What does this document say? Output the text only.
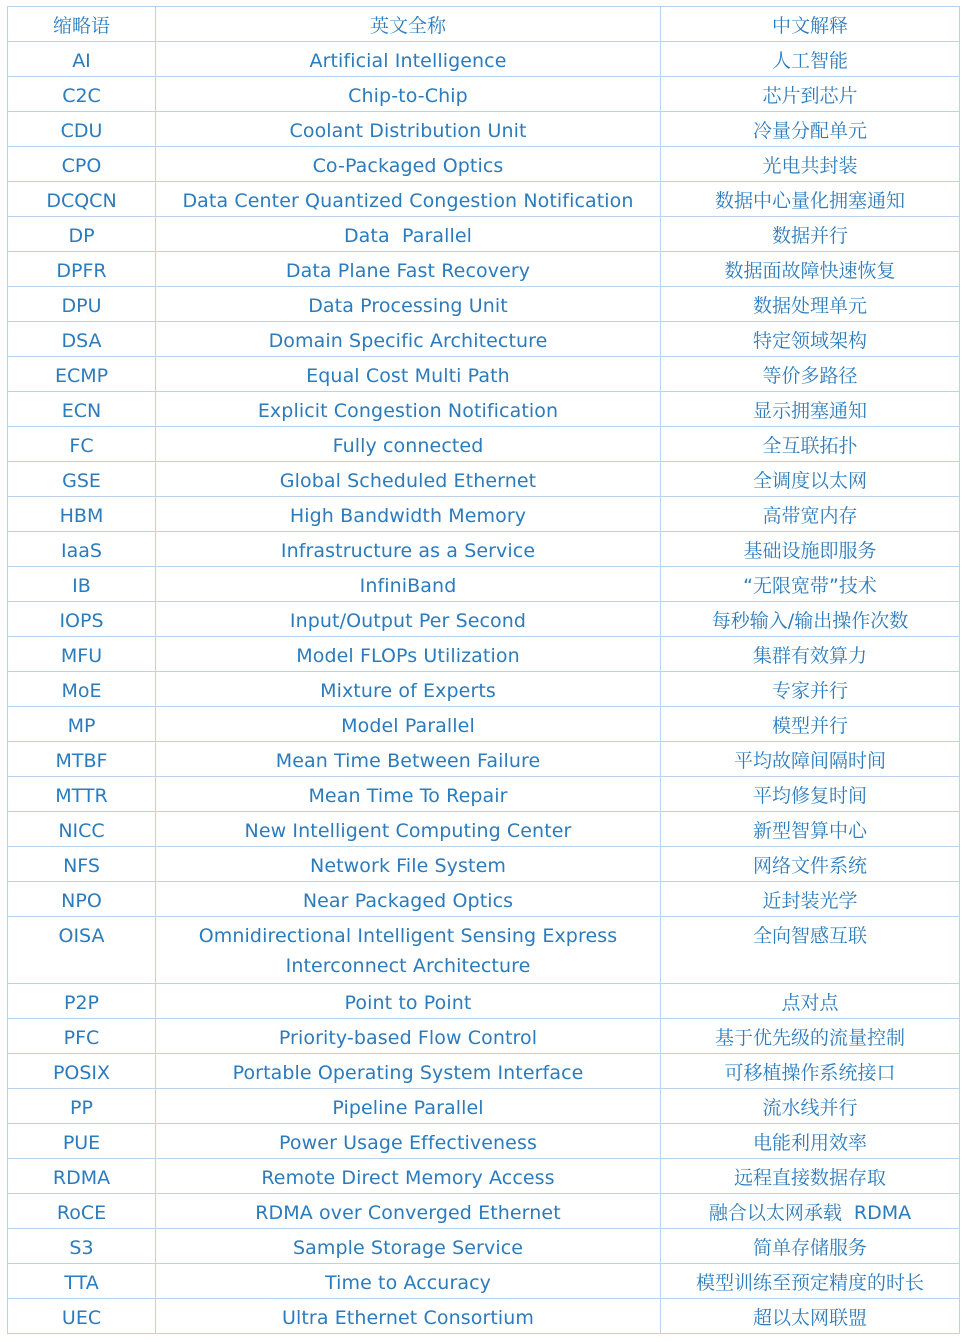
缩略语	英文全称	中文解释
AI	Artificial Intelligence	人工智能
C2C	Chip-to-Chip	芯片到芯片
CDU	Coolant Distribution Unit	冷量分配单元
CPO	Co-Packaged Optics	光电共封装
DCQCN	Data Center Quantized Congestion Notification	数据中心量化拥塞通知
DP	Data  Parallel	数据并行
DPFR	Data Plane Fast Recovery	数据面故障快速恢复
DPU	Data Processing Unit	数据处理单元
DSA	Domain Specific Architecture	特定领域架构
ECMP	Equal Cost Multi Path	等价多路径
ECN	Explicit Congestion Notification	显示拥塞通知
FC	Fully connected	全互联拓扑
GSE	Global Scheduled Ethernet	全调度以太网
HBM	High Bandwidth Memory	高带宽内存
IaaS	Infrastructure as a Service	基础设施即服务
IB	InfiniBand	“无限宽带”技术
IOPS	Input/Output Per Second	每秒输入/输出操作次数
MFU	Model FLOPs Utilization	集群有效算力
MoE	Mixture of Experts	专家并行
MP	Model Parallel	模型并行
MTBF	Mean Time Between Failure	平均故障间隔时间
MTTR	Mean Time To Repair	平均修复时间
NICC	New Intelligent Computing Center	新型智算中心
NFS	Network File System	网络文件系统
NPO	Near Packaged Optics	近封装光学
OISA	Omnidirectional Intelligent Sensing Express Interconnect Architecture	全向智感互联
P2P	Point to Point	点对点
PFC	Priority-based Flow Control	基于优先级的流量控制
POSIX	Portable Operating System Interface	可移植操作系统接口
PP	Pipeline Parallel	流水线并行
PUE	Power Usage Effectiveness	电能利用效率
RDMA	Remote Direct Memory Access	远程直接数据存取
RoCE	RDMA over Converged Ethernet	融合以太网承载  RDMA
S3	Sample Storage Service	简单存储服务
TTA	Time to Accuracy	模型训练至预定精度的时长
UEC	Ultra Ethernet Consortium	超以太网联盟
